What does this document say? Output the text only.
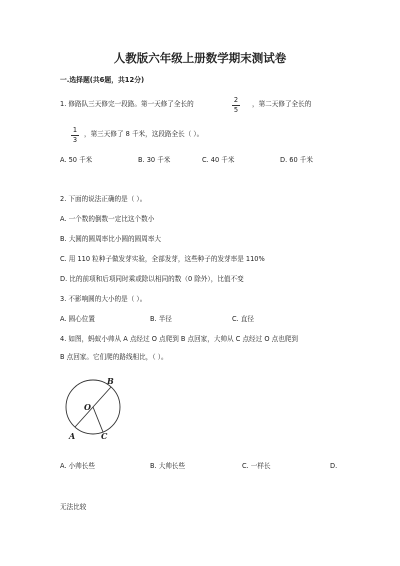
人教版六年级上册数学期末测试卷
一.选择题(共6题，共12分)
1. 修路队三天修完一段路。第一天修了全长的	2
5
，第二天修了全长的
1
3
，第三天修了 8 千米，这段路全长（ ）。
A. 50 千米	B. 30 千米	C. 40 千米	D. 60 千米
2. 下面的说法正确的是（ ）。
A. 一个数的倒数一定比这个数小
B. 大圆的圆周率比小圆的圆周率大
C. 用 110 粒种子做发芽实验，全部发芽，这些种子的发芽率是 110%
D. 比的前项和后项同时乘或除以相同的数（0 除外），比值不变
3. 不影响圆的大小的是（ ）。
A. 圆心位置	B. 半径	C. 直径
4. 如图，蚂蚁小帅从 A 点经过 O 点爬到 B 点回家，大帅从 C 点经过 O 点也爬到
B 点回家。它们爬的路线相比，（ ）。
B
O
A	C
A. 小帅长些	B. 大帅长些	C. 一样长	D.
无法比较
